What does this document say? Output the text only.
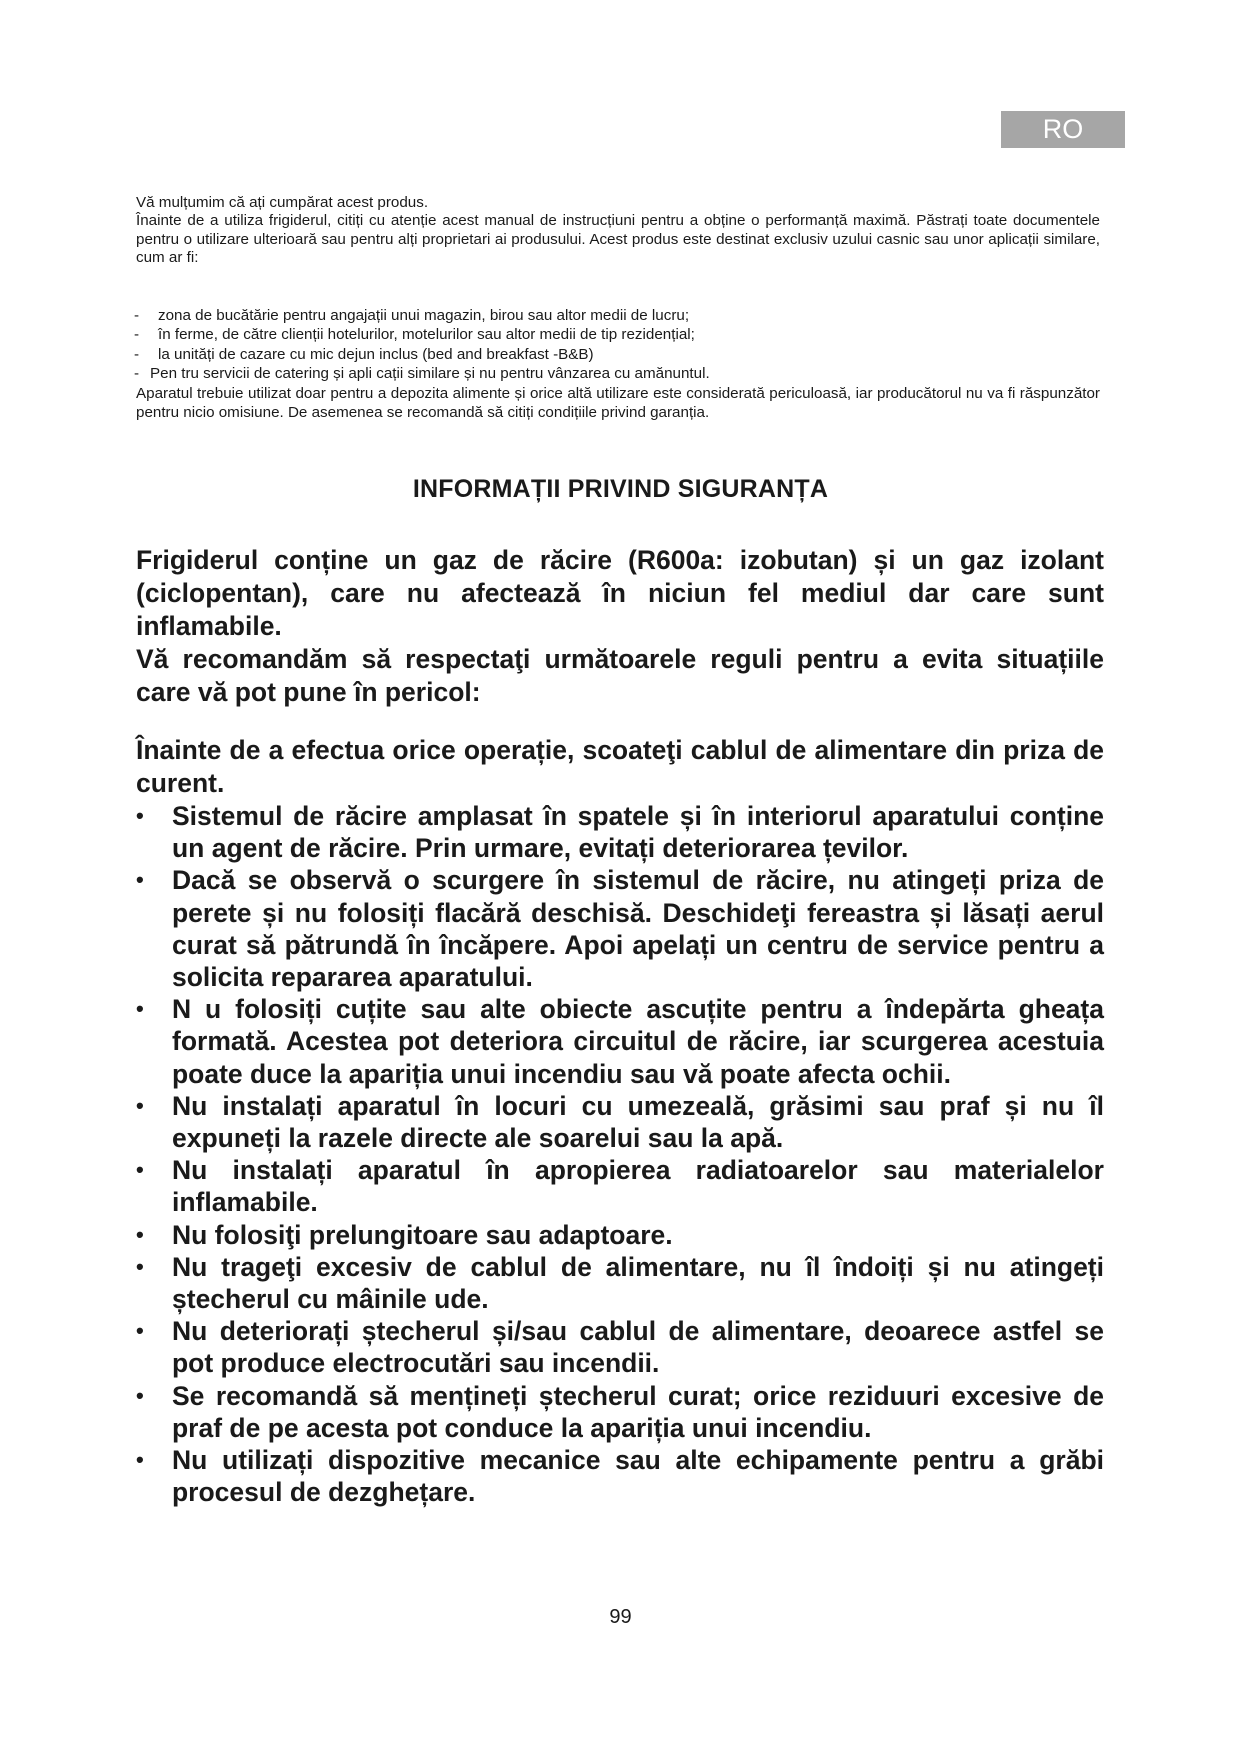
RO

Vă mulțumim că ați cumpărat acest produs.

Înainte de a utiliza frigiderul, citiți cu atenție acest manual de instrucțiuni pentru a obține o performanță maximă. Păstrați toate documentele pentru o utilizare ulterioară sau pentru alți proprietari ai produsului. Acest produs este destinat exclusiv uzului casnic sau unor aplicații similare, cum ar fi:

- zona de bucătărie pentru angajații unui magazin, birou sau altor medii de lucru;
- în ferme, de către clienții hotelurilor, motelurilor sau altor medii de tip rezidențial;
- la unități de cazare cu mic dejun inclus (bed and breakfast -B&B)
- Pen tru servicii de catering și apli cații similare și nu pentru vânzarea cu amănuntul.
Aparatul trebuie utilizat doar pentru a depozita alimente și orice altă utilizare este considerată periculoasă, iar producătorul nu va fi răspunzător pentru nicio omisiune. De asemenea se recomandă să citiți condițiile privind garanția.
INFORMAȚII PRIVIND SIGURANȚA

Frigiderul conține un gaz de răcire (R600a: izobutan) și un gaz izolant (ciclopentan), care nu afectează în niciun fel mediul dar care sunt inflamabile.

Vă recomandăm să respectaţi următoarele reguli pentru a evita situațiile care vă pot pune în pericol:

Înainte de a efectua orice operație, scoateţi cablul de alimentare din priza de curent.
• Sistemul de răcire amplasat în spatele și în interiorul aparatului conține un agent de răcire. Prin urmare, evitați deteriorarea țevilor.
• Dacă se observă o scurgere în sistemul de răcire, nu atingeți priza de perete și nu folosiți flacără deschisă. Deschideţi fereastra și lăsați aerul curat să pătrundă în încăpere. Apoi apelați un centru de service pentru a solicita repararea aparatului.
• N u folosiți cuțite sau alte obiecte ascuțite pentru a îndepărta gheața formată. Acestea pot deteriora circuitul de răcire, iar scurgerea acestuia poate duce la apariția unui incendiu sau vă poate afecta ochii.
• Nu instalați aparatul în locuri cu umezeală, grăsimi sau praf și nu îl expuneți la razele directe ale soarelui sau la apă.
• Nu instalați aparatul în apropierea radiatoarelor sau materialelor inflamabile.
• Nu folosiţi prelungitoare sau adaptoare.
• Nu trageţi excesiv de cablul de alimentare, nu îl îndoiți și nu atingeți ștecherul cu mâinile ude.
• Nu deteriorați ștecherul și/sau cablul de alimentare, deoarece astfel se pot produce electrocutări sau incendii.
• Se recomandă să mențineți ștecherul curat; orice reziduuri excesive de praf de pe acesta pot conduce la apariția unui incendiu.
• Nu utilizați dispozitive mecanice sau alte echipamente pentru a grăbi procesul de dezghețare.
99
